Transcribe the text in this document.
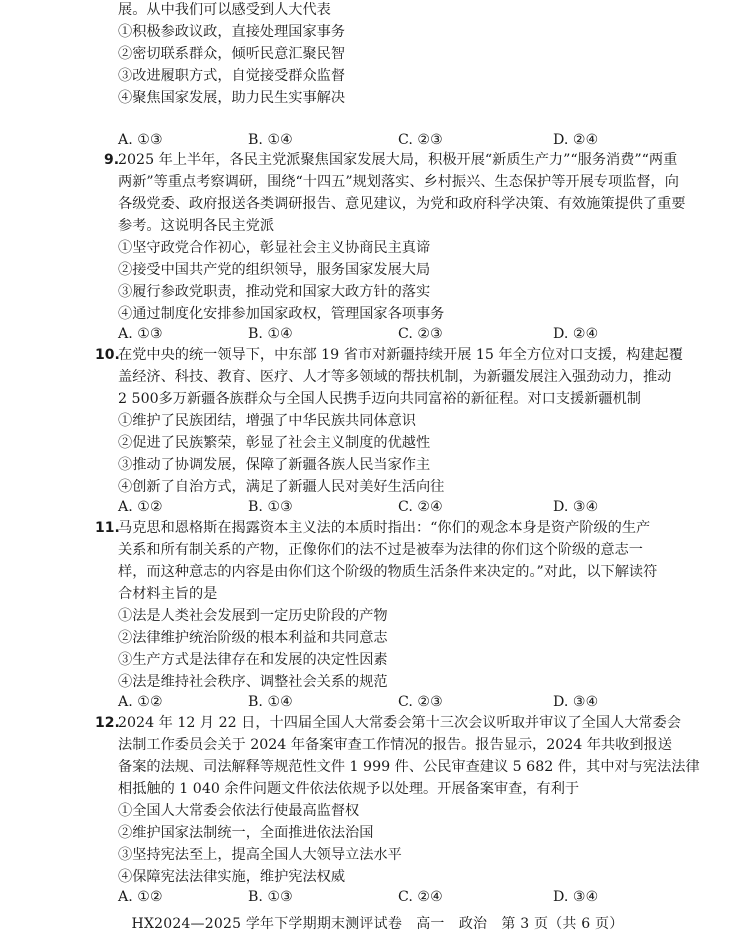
展。从中我们可以感受到人大代表
①积极参政议政，直接处理国家事务
②密切联系群众，倾听民意汇聚民智
③改进履职方式，自觉接受群众监督
④聚焦国家发展，助力民生实事解决
A. ①③	B. ①④	C. ②③	D. ②④
9.
2025 年上半年，各民主党派聚焦国家发展大局，积极开展“新质生产力”“服务消费”“两重
两新”等重点考察调研，围绕“十四五”规划落实、乡村振兴、生态保护等开展专项监督，向
各级党委、政府报送各类调研报告、意见建议，为党和政府科学决策、有效施策提供了重要
参考。这说明各民主党派
①坚守政党合作初心，彰显社会主义协商民主真谛
②接受中国共产党的组织领导，服务国家发展大局
③履行参政党职责，推动党和国家大政方针的落实
④通过制度化安排参加国家政权，管理国家各项事务
A. ①③	B. ①④	C. ②③	D. ②④
10.
在党中央的统一领导下，中东部 19 省市对新疆持续开展 15 年全方位对口支援，构建起覆
盖经济、科技、教育、医疗、人才等多领域的帮扶机制，为新疆发展注入强劲动力，推动
2 500多万新疆各族群众与全国人民携手迈向共同富裕的新征程。对口支援新疆机制
①维护了民族团结，增强了中华民族共同体意识
②促进了民族繁荣，彰显了社会主义制度的优越性
③推动了协调发展，保障了新疆各族人民当家作主
④创新了自治方式，满足了新疆人民对美好生活向往
A. ①②	B. ①③	C. ②④	D. ③④
11.
马克思和恩格斯在揭露资本主义法的本质时指出：“你们的观念本身是资产阶级的生产
关系和所有制关系的产物，正像你们的法不过是被奉为法律的你们这个阶级的意志一
样，而这种意志的内容是由你们这个阶级的物质生活条件来决定的。”对此，以下解读符
合材料主旨的是
①法是人类社会发展到一定历史阶段的产物
②法律维护统治阶级的根本利益和共同意志
③生产方式是法律存在和发展的决定性因素
④法是维持社会秩序、调整社会关系的规范
A. ①②	B. ①④	C. ②③	D. ③④
12.
2024 年 12 月 22 日，十四届全国人大常委会第十三次会议听取并审议了全国人大常委会
法制工作委员会关于 2024 年备案审查工作情况的报告。报告显示，2024 年共收到报送
备案的法规、司法解释等规范性文件 1 999 件、公民审查建议 5 682 件，其中对与宪法法律
相抵触的 1 040 余件问题文件依法依规予以处理。开展备案审查，有利于
①全国人大常委会依法行使最高监督权
②维护国家法制统一，全面推进依法治国
③坚持宪法至上，提高全国人大领导立法水平
④保障宪法法律实施，维护宪法权威
A. ①②	B. ①③	C. ②④	D. ③④
HX2024—2025 学年下学期期末测评试卷　高一　政治　第 3 页（共 6 页）
